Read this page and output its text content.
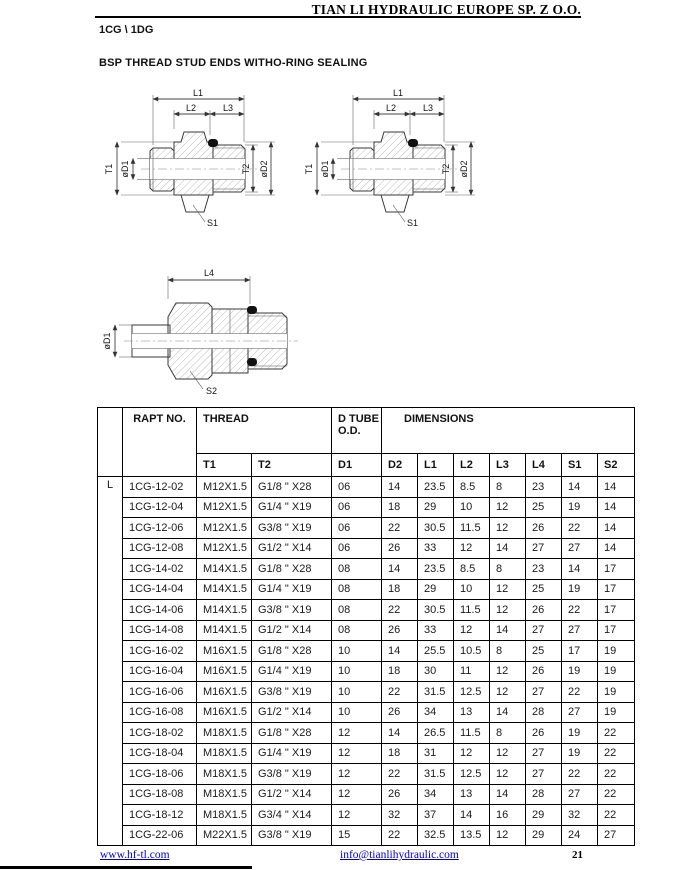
TIAN LI HYDRAULIC EUROPE SP. Z O.O.
1CG \ 1DG
BSP THREAD STUD ENDS WITHO-RING SEALING
L1
L2	L3
T1 øD1	T2 øD2
S1
L1
L2	L3
T1 øD1	T2 øD2
S1
L4
øD1
S2
	RAPT NO.	THREAD		D TUBE
O.D.	DIMENSIONS						
		T1	T2	D1	D2	L1	L2	L3	L4	S1	S2
L	1CG-12-02	M12X1.5	G1/8 " X28	06	14	23.5	8.5	8	23	14	14
	1CG-12-04	M12X1.5	G1/4 " X19	06	18	29	10	12	25	19	14
	1CG-12-06	M12X1.5	G3/8 " X19	06	22	30.5	11.5	12	26	22	14
	1CG-12-08	M12X1.5	G1/2 " X14	06	26	33	12	14	27	27	14
	1CG-14-02	M14X1.5	G1/8 " X28	08	14	23.5	8.5	8	23	14	17
	1CG-14-04	M14X1.5	G1/4 " X19	08	18	29	10	12	25	19	17
	1CG-14-06	M14X1.5	G3/8 " X19	08	22	30.5	11.5	12	26	22	17
	1CG-14-08	M14X1.5	G1/2 " X14	08	26	33	12	14	27	27	17
	1CG-16-02	M16X1.5	G1/8 " X28	10	14	25.5	10.5	8	25	17	19
	1CG-16-04	M16X1.5	G1/4 " X19	10	18	30	11	12	26	19	19
	1CG-16-06	M16X1.5	G3/8 " X19	10	22	31.5	12.5	12	27	22	19
	1CG-16-08	M16X1.5	G1/2 " X14	10	26	34	13	14	28	27	19
	1CG-18-02	M18X1.5	G1/8 " X28	12	14	26.5	11.5	8	26	19	22
	1CG-18-04	M18X1.5	G1/4 " X19	12	18	31	12	12	27	19	22
	1CG-18-06	M18X1.5	G3/8 " X19	12	22	31.5	12.5	12	27	22	22
	1CG-18-08	M18X1.5	G1/2 " X14	12	26	34	13	14	28	27	22
	1CG-18-12	M18X1.5	G3/4 " X14	12	32	37	14	16	29	32	22
	1CG-22-06	M22X1.5	G3/8 " X19	15	22	32.5	13.5	12	29	24	27
www.hf-tl.com	info@tianlihydraulic.com	21
